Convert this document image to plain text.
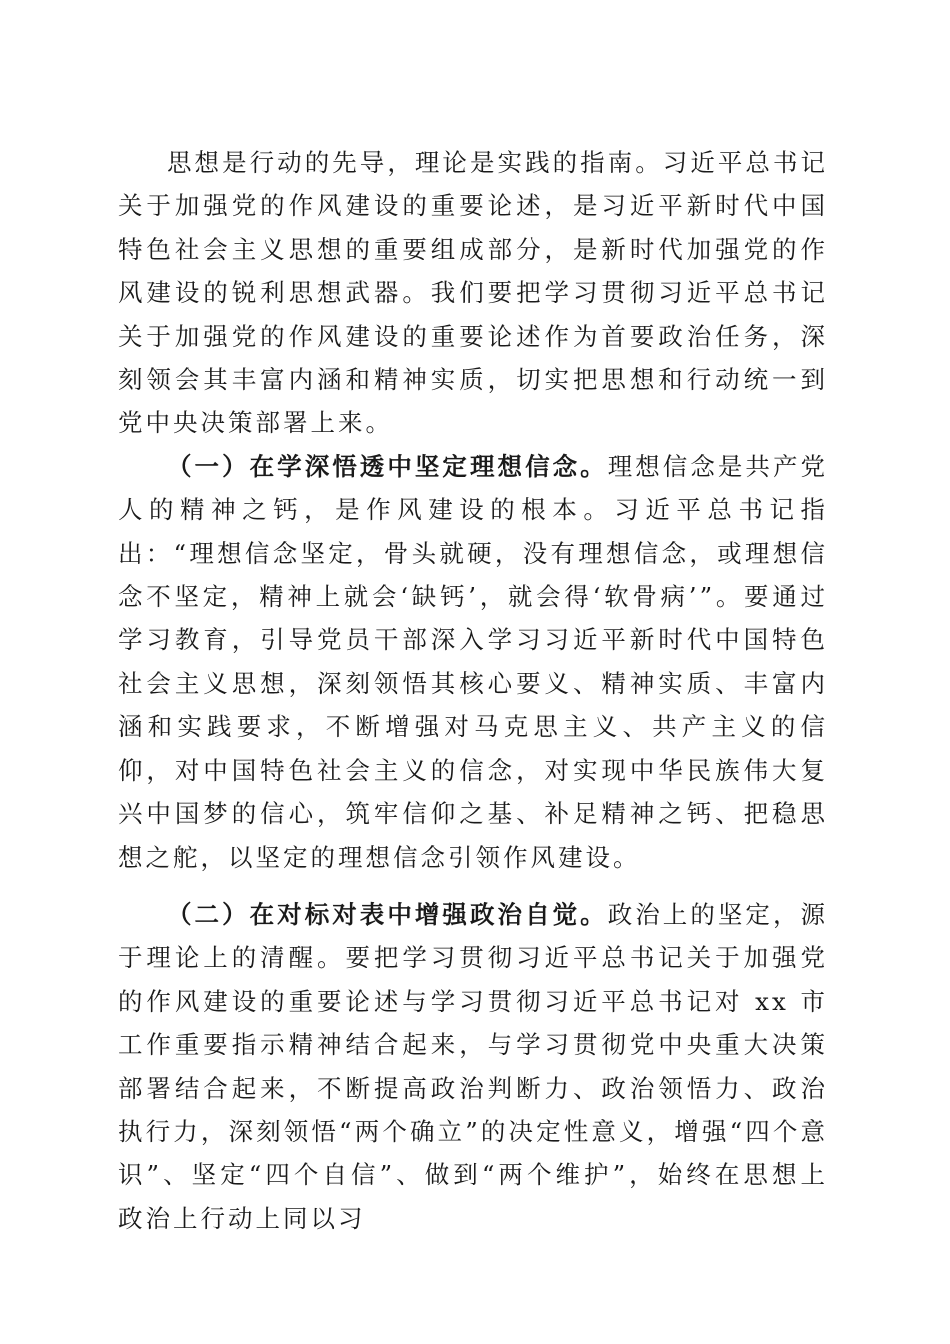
思想是行动的先导，理论是实践的指南。习近平总书记关于加强党的作风建设的重要论述，是习近平新时代中国特色社会主义思想的重要组成部分，是新时代加强党的作风建设的锐利思想武器。我们要把学习贯彻习近平总书记关于加强党的作风建设的重要论述作为首要政治任务，深刻领会其丰富内涵和精神实质，切实把思想和行动统一到党中央决策部署上来。

（一）在学深悟透中坚定理想信念。理想信念是共产党人的精神之钙，是作风建设的根本。习近平总书记指出：“理想信念坚定，骨头就硬，没有理想信念，或理想信念不坚定，精神上就会‘缺钙’，就会得‘软骨病’”。要通过学习教育，引导党员干部深入学习习近平新时代中国特色社会主义思想，深刻领悟其核心要义、精神实质、丰富内涵和实践要求，不断增强对马克思主义、共产主义的信仰，对中国特色社会主义的信念，对实现中华民族伟大复兴中国梦的信心，筑牢信仰之基、补足精神之钙、把稳思想之舵，以坚定的理想信念引领作风建设。

（二）在对标对表中增强政治自觉。政治上的坚定，源于理论上的清醒。要把学习贯彻习近平总书记关于加强党的作风建设的重要论述与学习贯彻习近平总书记对 xx 市工作重要指示精神结合起来，与学习贯彻党中央重大决策部署结合起来，不断提高政治判断力、政治领悟力、政治执行力，深刻领悟“两个确立”的决定性意义，增强“四个意识”、坚定“四个自信”、做到“两个维护”，始终在思想上政治上行动上同以习
